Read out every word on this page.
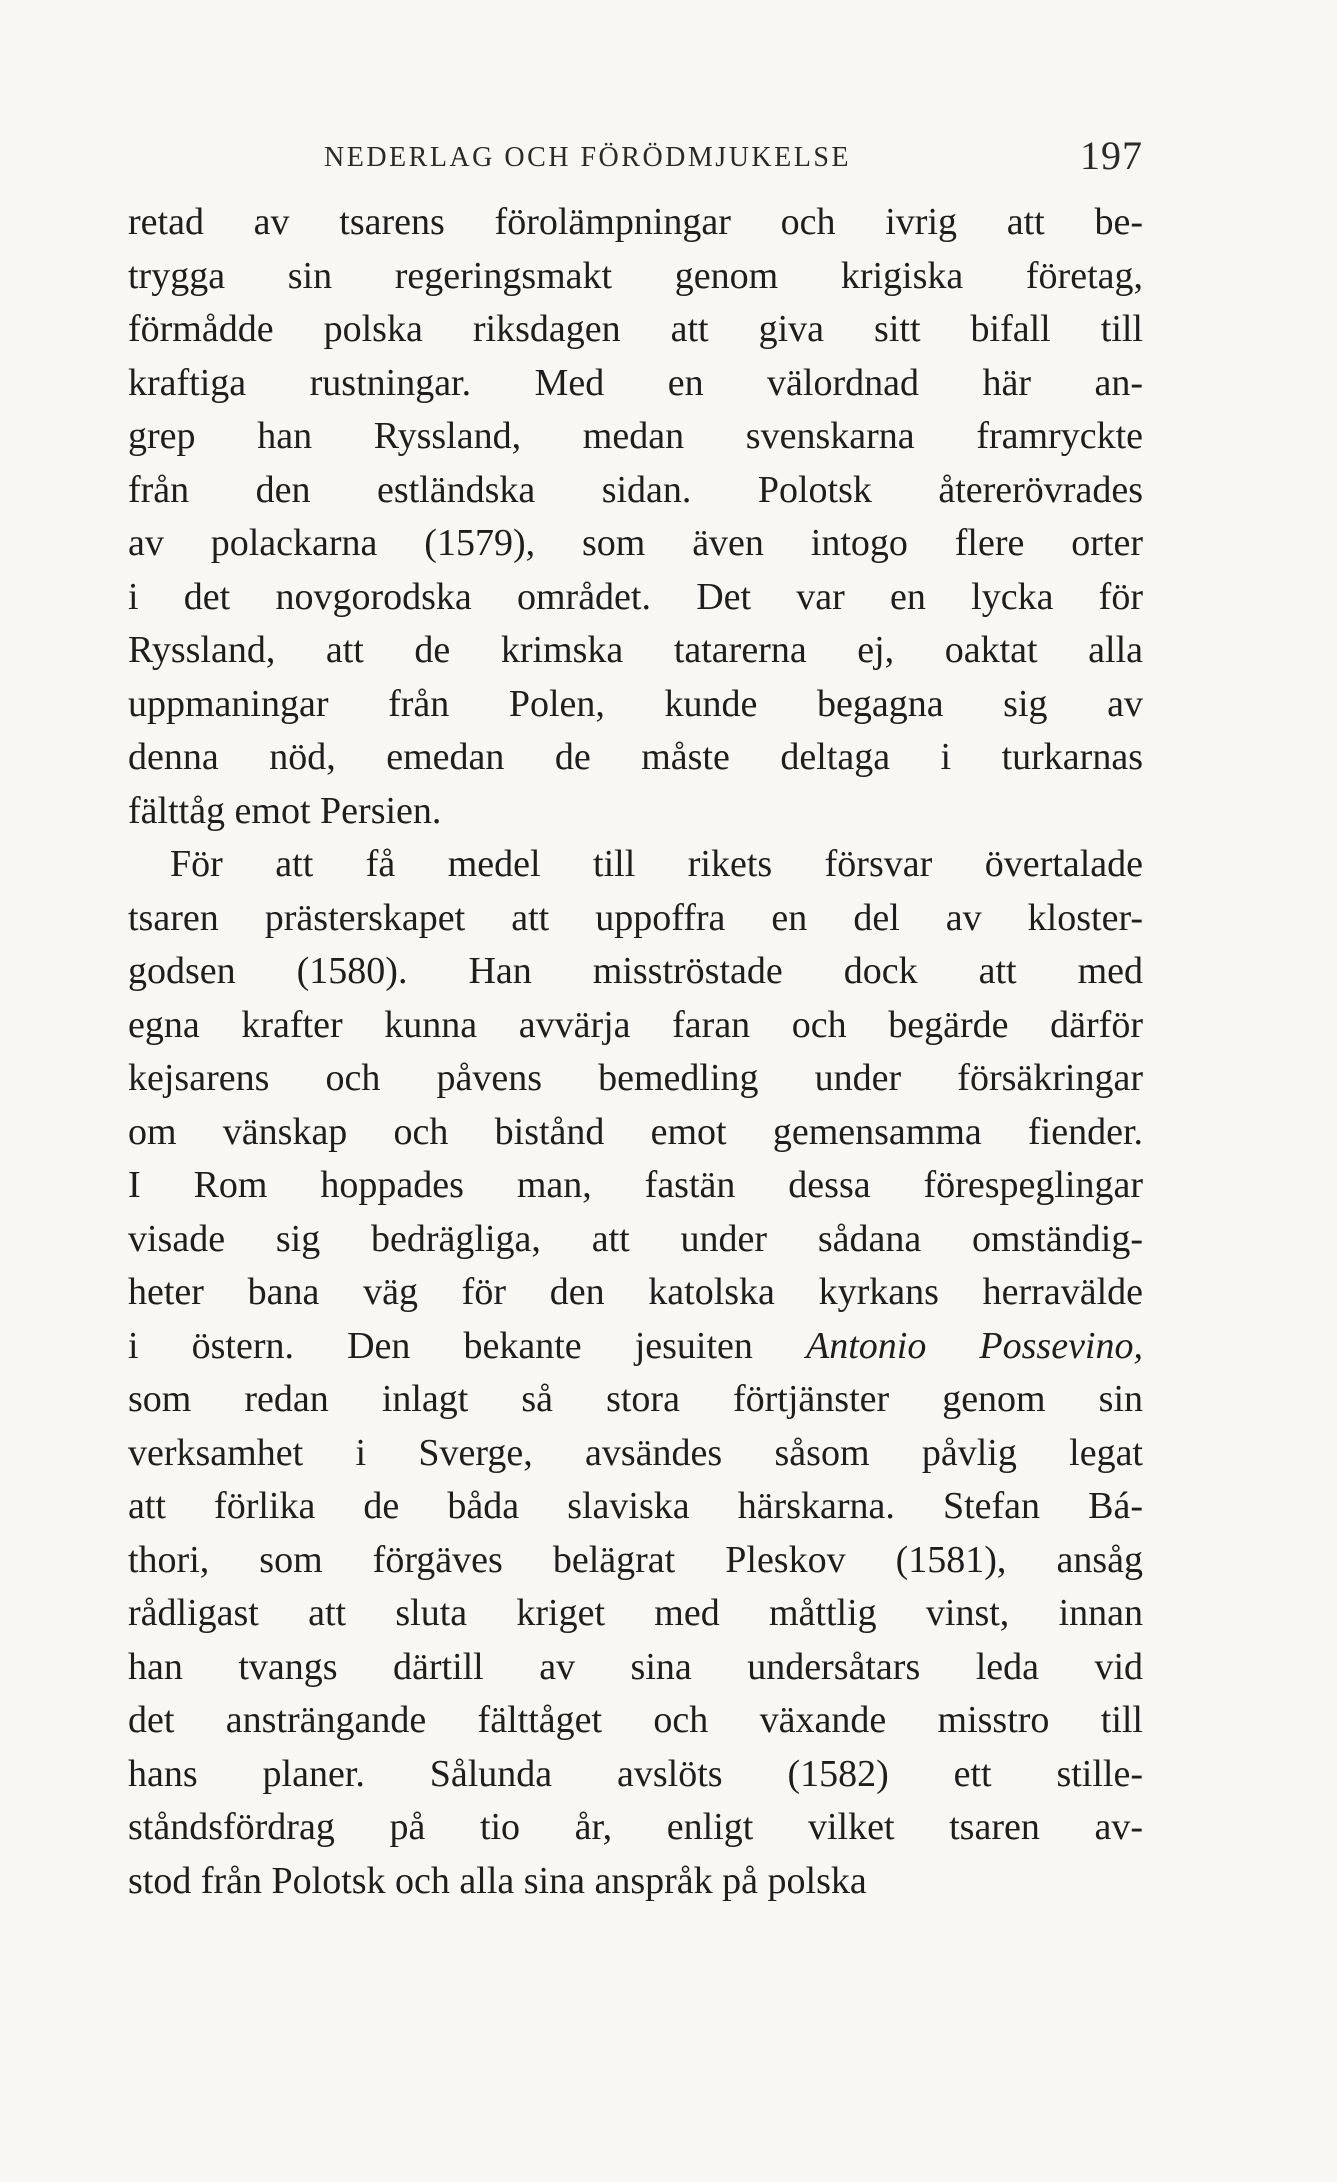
NEDERLAG OCH FÖRÖDMJUKELSE	197
retad av tsarens förolämpningar och ivrig att be-
trygga sin regeringsmakt genom krigiska företag,
förmådde polska riksdagen att giva sitt bifall till
kraftiga rustningar. Med en välordnad här an-
grep han Ryssland, medan svenskarna framryckte
från den estländska sidan. Polotsk återerövrades
av polackarna (1579), som även intogo flere orter
i det novgorodska området. Det var en lycka för
Ryssland, att de krimska tatarerna ej, oaktat alla
uppmaningar från Polen, kunde begagna sig av
denna nöd, emedan de måste deltaga i turkarnas
fälttåg emot Persien.
För att få medel till rikets försvar övertalade
tsaren prästerskapet att uppoffra en del av kloster-
godsen (1580). Han misströstade dock att med
egna krafter kunna avvärja faran och begärde därför
kejsarens och påvens bemedling under försäkringar
om vänskap och bistånd emot gemensamma fiender.
I Rom hoppades man, fastän dessa förespeglingar
visade sig bedrägliga, att under sådana omständig-
heter bana väg för den katolska kyrkans herravälde
i östern. Den bekante jesuiten Antonio Possevino,
som redan inlagt så stora förtjänster genom sin
verksamhet i Sverge, avsändes såsom påvlig legat
att förlika de båda slaviska härskarna. Stefan Bá-
thori, som förgäves belägrat Pleskov (1581), ansåg
rådligast att sluta kriget med måttlig vinst, innan
han tvangs därtill av sina undersåtars leda vid
det ansträngande fälttåget och växande misstro till
hans planer. Sålunda avslöts (1582) ett stille-
ståndsfördrag på tio år, enligt vilket tsaren av-
stod från Polotsk och alla sina anspråk på polska
